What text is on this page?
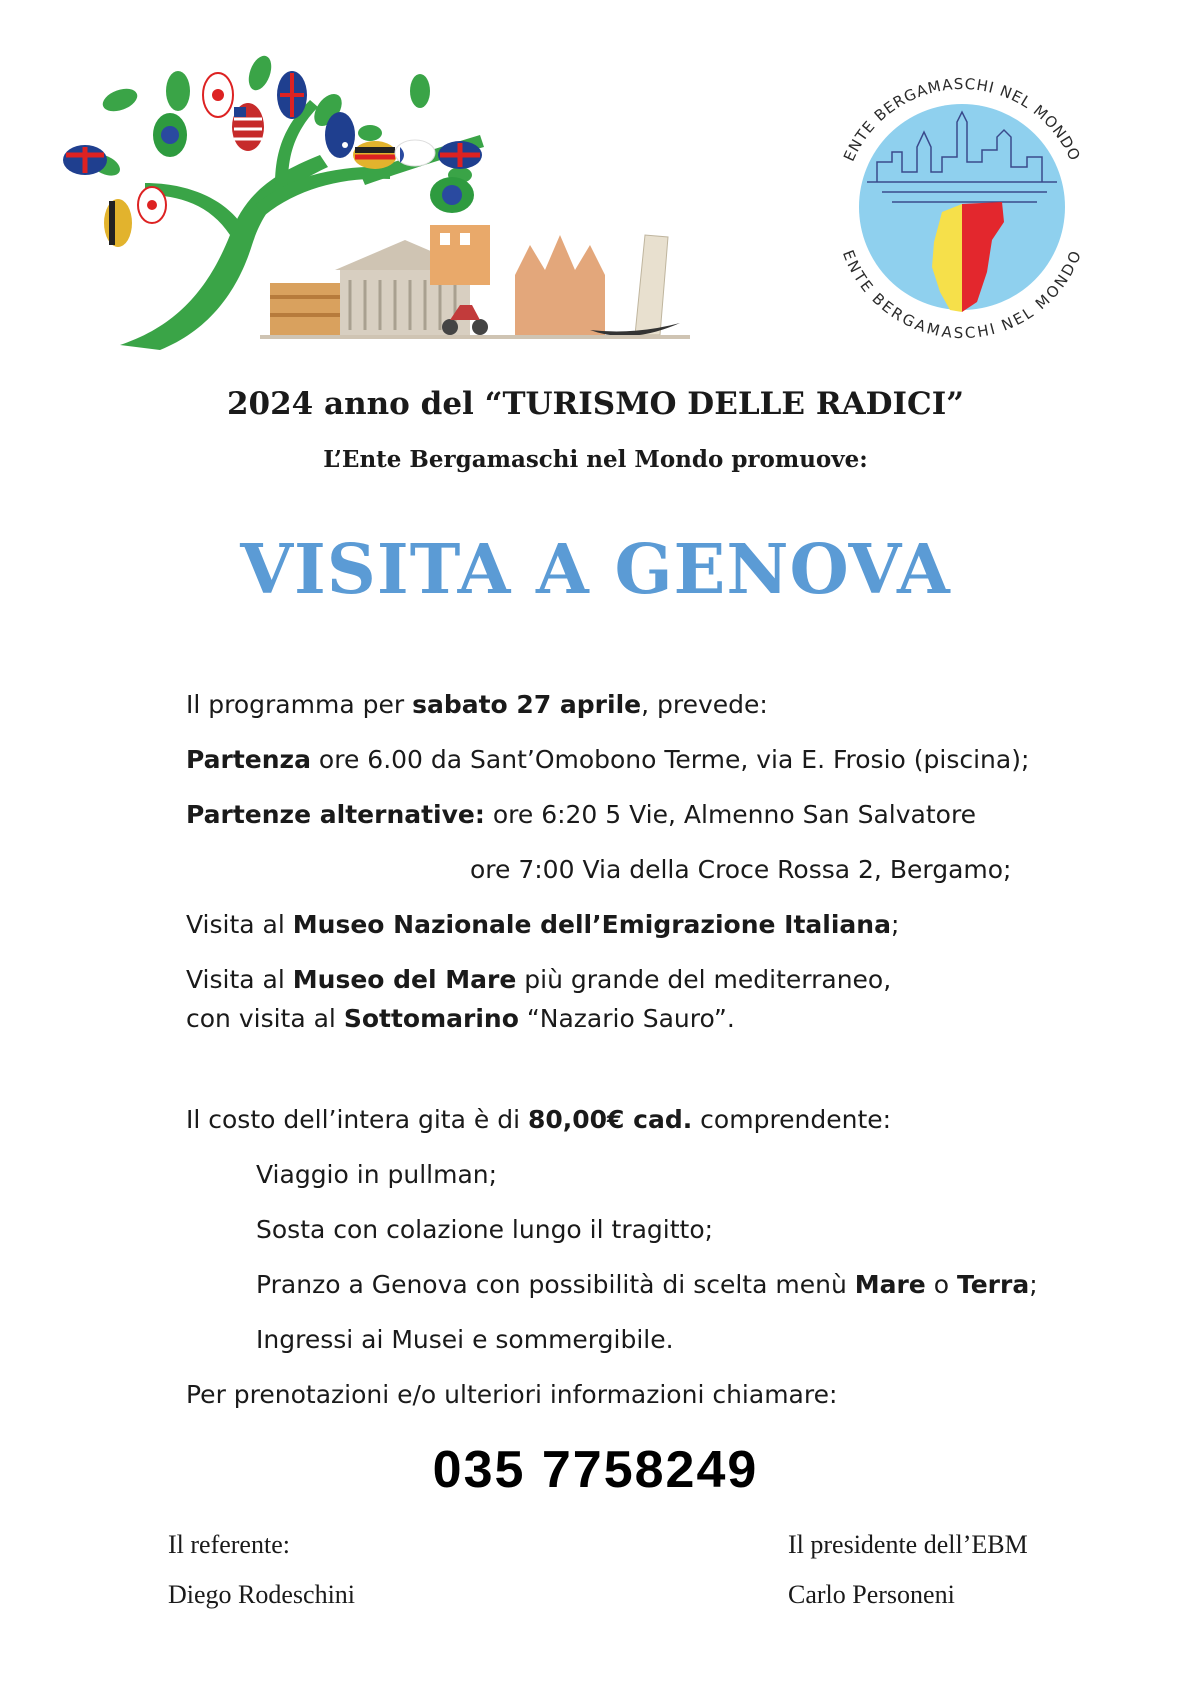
ENTE BERGAMASCHI NEL MONDO
ENTE BERGAMASCHI NEL MONDO
2024 anno del “TURISMO DELLE RADICI”
L’Ente Bergamaschi nel Mondo promuove:
VISITA A GENOVA
Il programma per sabato 27 aprile, prevede:
Partenza ore 6.00 da Sant’Omobono Terme, via E. Frosio (piscina);
Partenze alternative: ore 6:20 5 Vie, Almenno San Salvatore
ore 7:00 Via della Croce Rossa 2, Bergamo;
Visita al Museo Nazionale dell’Emigrazione Italiana;
Visita al Museo del Mare più grande del mediterraneo,
con visita al Sottomarino “Nazario Sauro”.
Il costo dell’intera gita è di 80,00€ cad. comprendente:
Viaggio in pullman;
Sosta con colazione lungo il tragitto;
Pranzo a Genova con possibilità di scelta menù Mare o Terra;
Ingressi ai Musei e sommergibile.
Per prenotazioni e/o ulteriori informazioni chiamare:
035 7758249
Il referente:
Diego Rodeschini
Il presidente dell’EBM
Carlo Personeni
